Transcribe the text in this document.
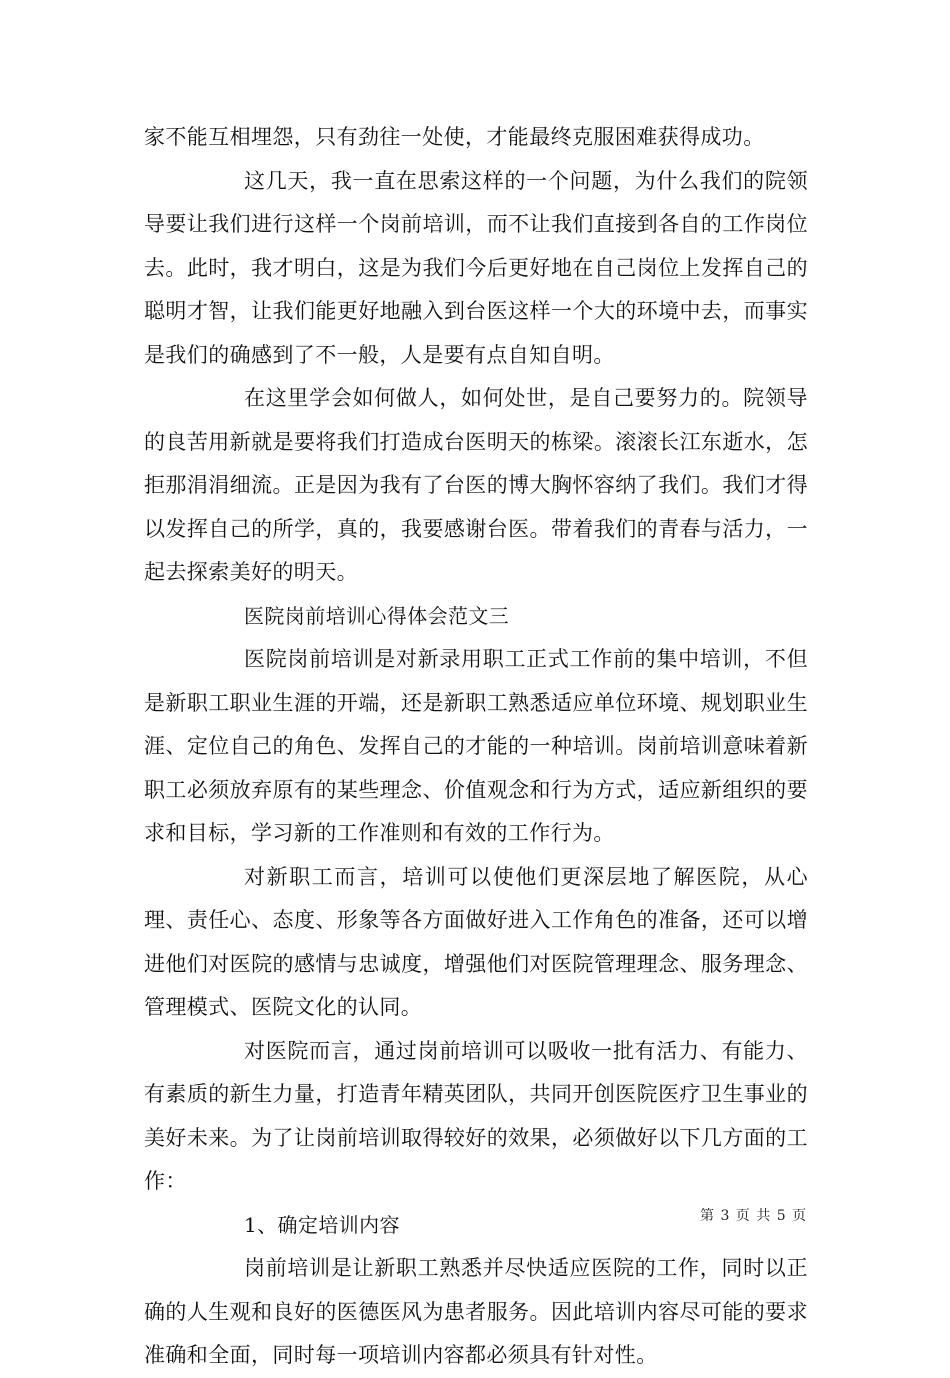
家不能互相埋怨，只有劲往一处使，才能最终克服困难获得成功。

这几天，我一直在思索这样的一个问题，为什么我们的院领导要让我们进行这样一个岗前培训，而不让我们直接到各自的工作岗位去。此时，我才明白，这是为我们今后更好地在自己岗位上发挥自己的聪明才智，让我们能更好地融入到台医这样一个大的环境中去，而事实是我们的确感到了不一般，人是要有点自知自明。

在这里学会如何做人，如何处世，是自己要努力的。院领导的良苦用新就是要将我们打造成台医明天的栋梁。滚滚长江东逝水，怎拒那涓涓细流。正是因为我有了台医的博大胸怀容纳了我们。我们才得以发挥自己的所学，真的，我要感谢台医。带着我们的青春与活力，一起去探索美好的明天。

医院岗前培训心得体会范文三

医院岗前培训是对新录用职工正式工作前的集中培训，不但是新职工职业生涯的开端，还是新职工熟悉适应单位环境、规划职业生涯、定位自己的角色、发挥自己的才能的一种培训。岗前培训意味着新职工必须放弃原有的某些理念、价值观念和行为方式，适应新组织的要求和目标，学习新的工作准则和有效的工作行为。

对新职工而言，培训可以使他们更深层地了解医院，从心理、责任心、态度、形象等各方面做好进入工作角色的准备，还可以增进他们对医院的感情与忠诚度，增强他们对医院管理理念、服务理念、管理模式、医院文化的认同。

对医院而言，通过岗前培训可以吸收一批有活力、有能力、有素质的新生力量，打造青年精英团队，共同开创医院医疗卫生事业的美好未来。为了让岗前培训取得较好的效果，必须做好以下几方面的工作：

1、确定培训内容

岗前培训是让新职工熟悉并尽快适应医院的工作，同时以正确的人生观和良好的医德医风为患者服务。因此培训内容尽可能的要求准确和全面，同时每一项培训内容都必须具有针对性。

第 3 页 共 5 页
